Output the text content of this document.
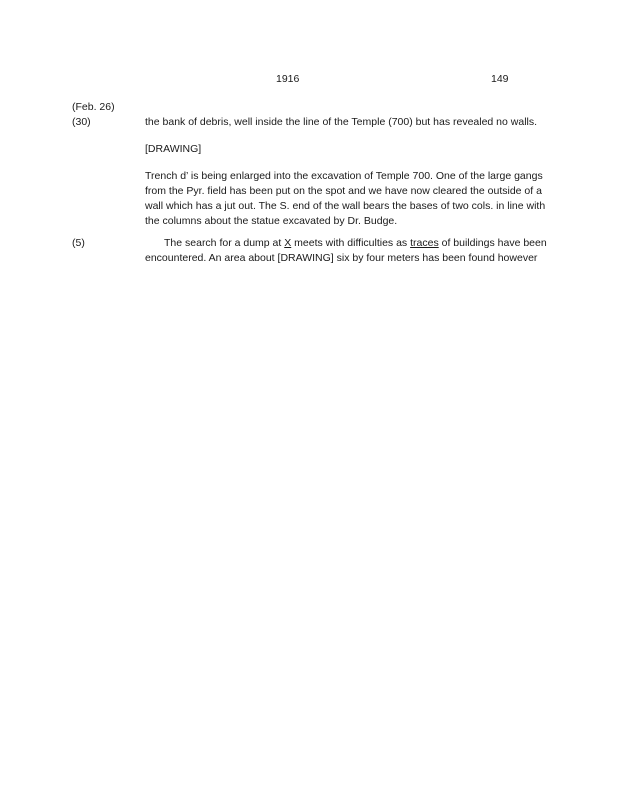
1916	149
(Feb. 26)
(30)
(5)
the bank of debris, well inside the line of the Temple (700) but has revealed no walls.
[DRAWING]
Trench d’ is being enlarged into the excavation of Temple 700. One of the large gangs
from the Pyr. field has been put on the spot and we have now cleared the outside of a
wall which has a jut out. The S. end of the wall bears the bases of two cols. in line with
the columns about the statue excavated by Dr. Budge.
The search for a dump at X meets with difficulties as traces of buildings have been
encountered. An area about [DRAWING] six by four meters has been found however
